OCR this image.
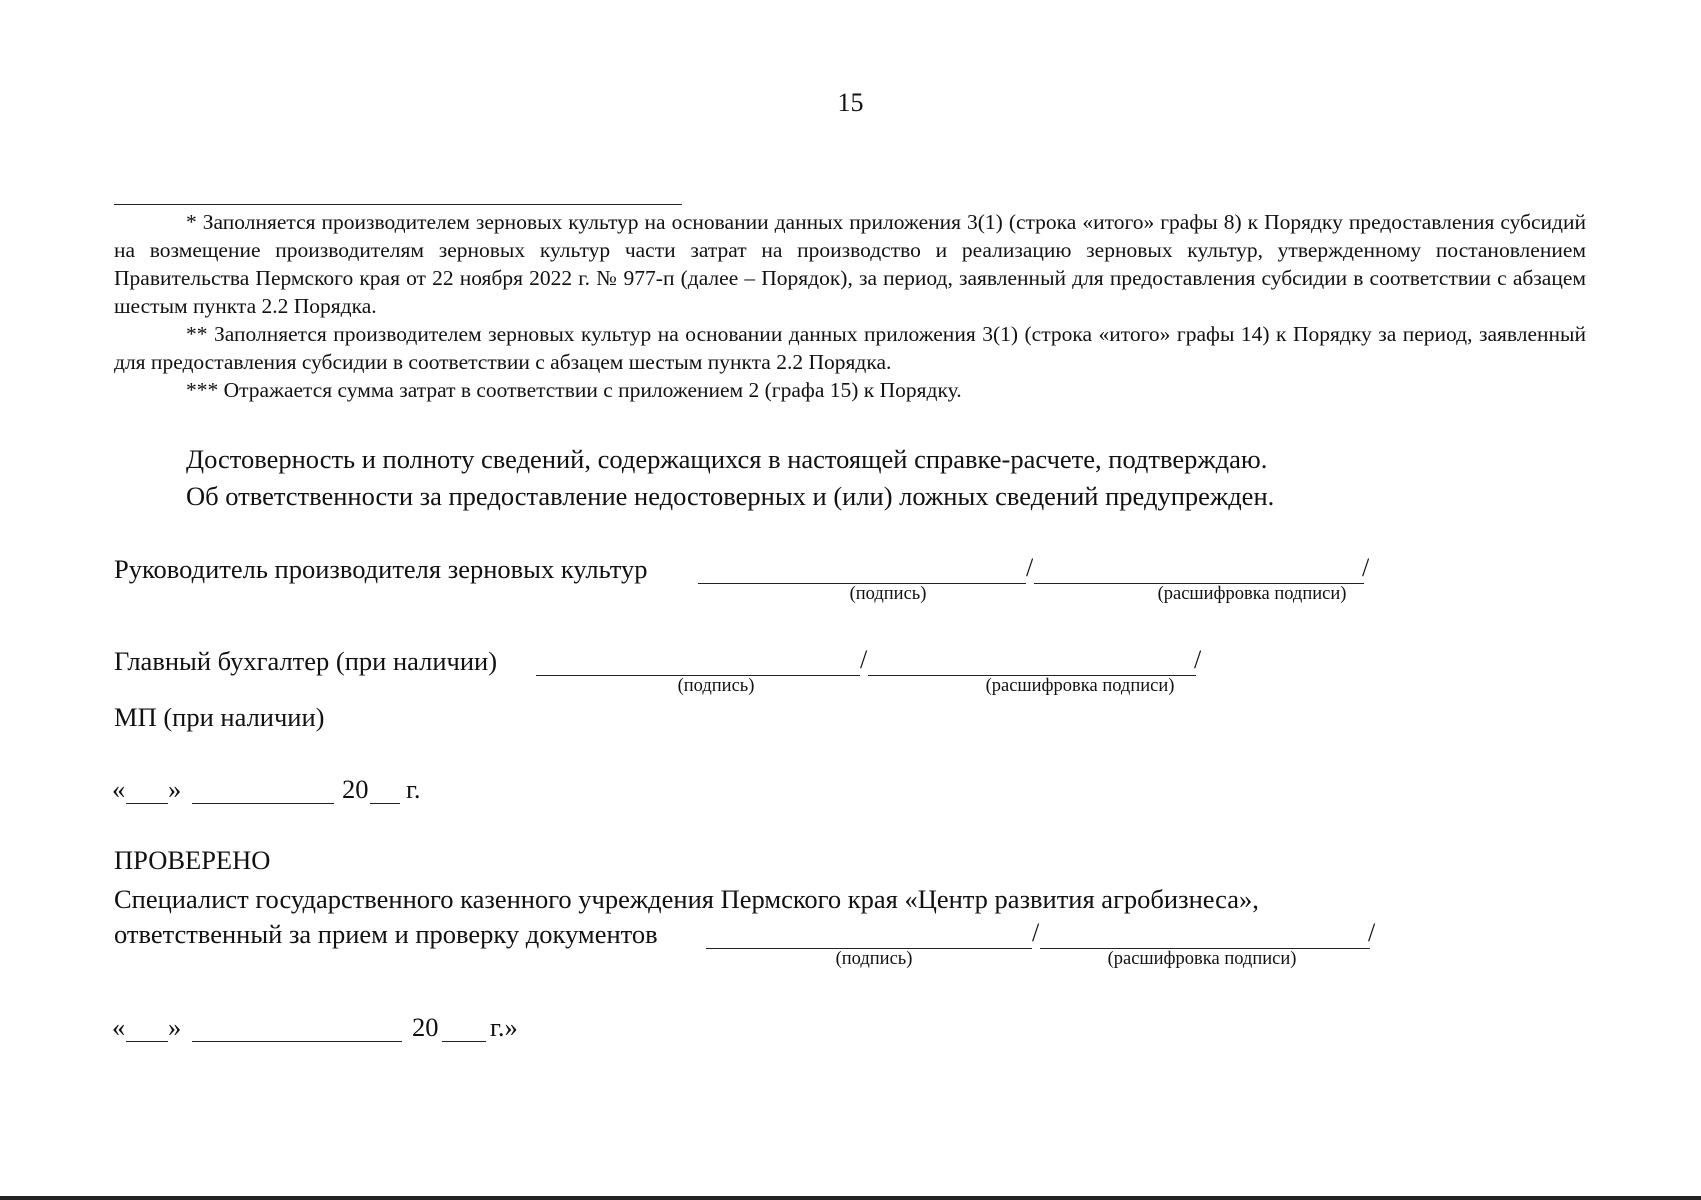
15

* Заполняется производителем зерновых культур на основании данных приложения 3(1) (строка «итого» графы 8) к Порядку предоставления субсидий на возмещение производителям зерновых культур части затрат на производство и реализацию зерновых культур, утвержденному постановлением Правительства Пермского края от 22 ноября 2022 г. № 977-п (далее – Порядок), за период, заявленный для предоставления субсидии в соответствии с абзацем шестым пункта 2.2 Порядка.

** Заполняется производителем зерновых культур на основании данных приложения 3(1) (строка «итого» графы 14) к Порядку за период, заявленный для предоставления субсидии в соответствии с абзацем шестым пункта 2.2 Порядка.

*** Отражается сумма затрат в соответствии с приложением 2 (графа 15) к Порядку.

Достоверность и полноту сведений, содержащихся в настоящей справке-расчете, подтверждаю.

Об ответственности за предоставление недостоверных и (или) ложных сведений предупрежден.

Руководитель производителя зерновых культур	/	/
(подпись)	(расшифровка подписи)
Главный бухгалтер (при наличии)	/	/
(подпись)	(расшифровка подписи)
МП (при наличии)
« »	20 г.
ПРОВЕРЕНО
Специалист государственного казенного учреждения Пермского края «Центр развития агробизнеса»,
ответственный за прием и проверку документов	/	/
(подпись)	(расшифровка подписи)
« »	20 г.»
